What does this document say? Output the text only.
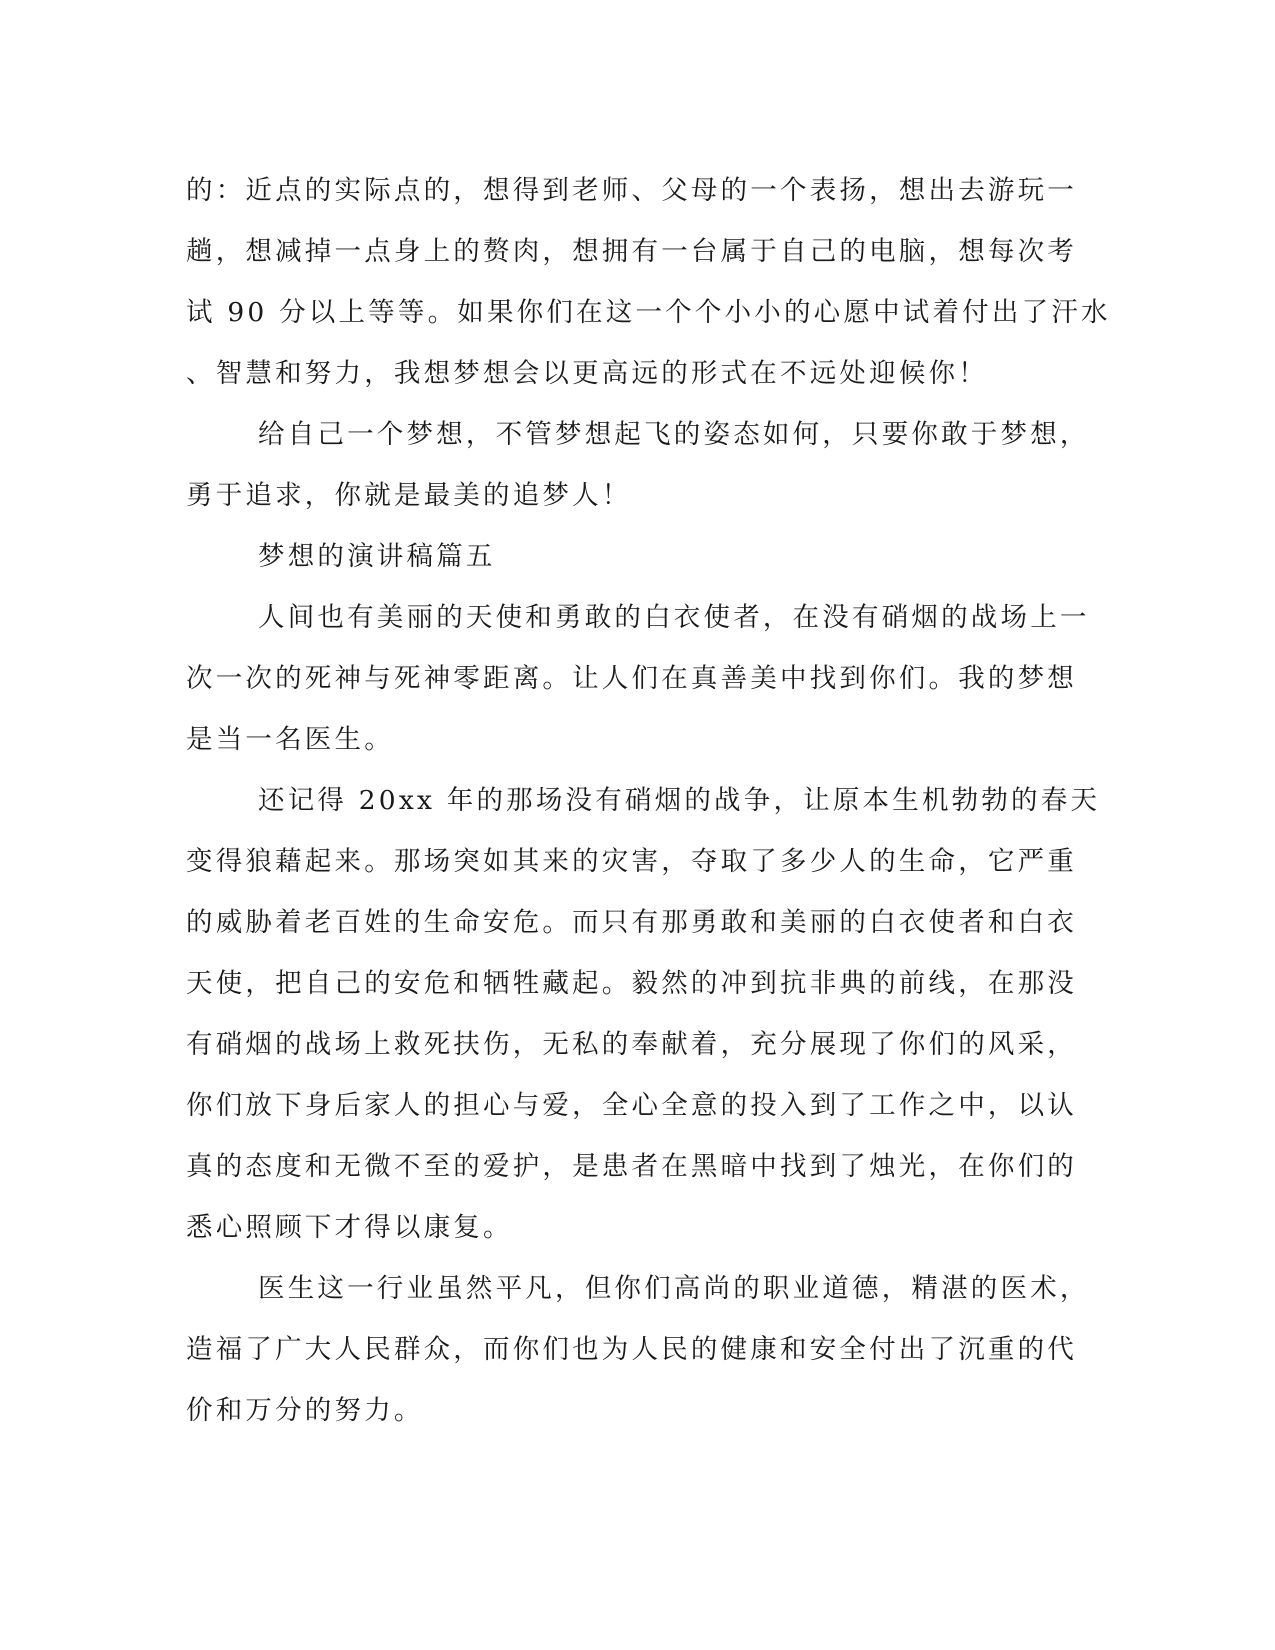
的：近点的实际点的，想得到老师、父母的一个表扬，想出去游玩一
趟，想减掉一点身上的赘肉，想拥有一台属于自己的电脑，想每次考
试 90 分以上等等。如果你们在这一个个小小的心愿中试着付出了汗水
、智慧和努力，我想梦想会以更高远的形式在不远处迎候你！
给自己一个梦想，不管梦想起飞的姿态如何，只要你敢于梦想，
勇于追求，你就是最美的追梦人！
梦想的演讲稿篇五
人间也有美丽的天使和勇敢的白衣使者，在没有硝烟的战场上一
次一次的死神与死神零距离。让人们在真善美中找到你们。我的梦想
是当一名医生。
还记得 20xx 年的那场没有硝烟的战争，让原本生机勃勃的春天
变得狼藉起来。那场突如其来的灾害，夺取了多少人的生命，它严重
的威胁着老百姓的生命安危。而只有那勇敢和美丽的白衣使者和白衣
天使，把自己的安危和牺牲藏起。毅然的冲到抗非典的前线，在那没
有硝烟的战场上救死扶伤，无私的奉献着，充分展现了你们的风采，
你们放下身后家人的担心与爱，全心全意的投入到了工作之中，以认
真的态度和无微不至的爱护，是患者在黑暗中找到了烛光，在你们的
悉心照顾下才得以康复。
医生这一行业虽然平凡，但你们高尚的职业道德，精湛的医术，
造福了广大人民群众，而你们也为人民的健康和安全付出了沉重的代
价和万分的努力。
